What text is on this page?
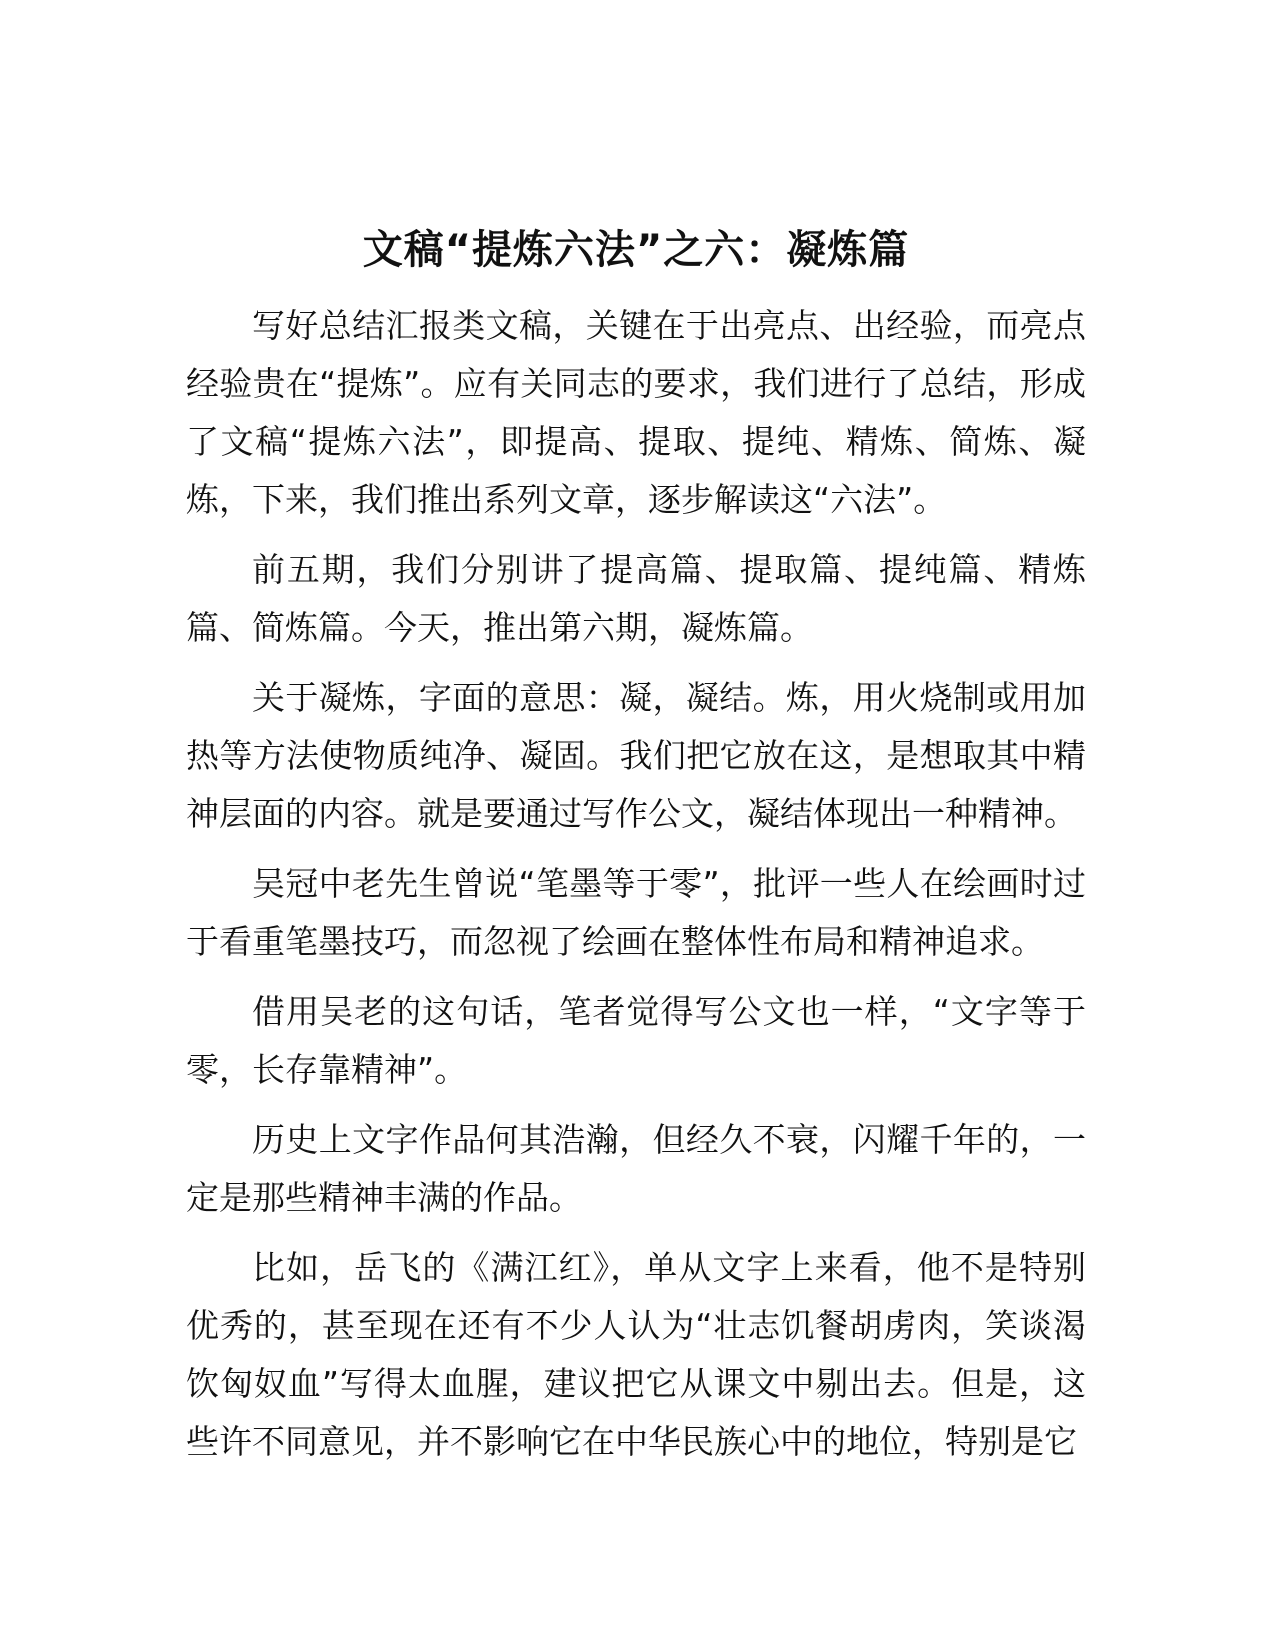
文稿“提炼六法”之六：凝炼篇

写好总结汇报类文稿，关键在于出亮点、出经验，而亮点经验贵在“提炼”。应有关同志的要求，我们进行了总结，形成了文稿“提炼六法”，即提高、提取、提纯、精炼、简炼、凝炼，下来，我们推出系列文章，逐步解读这“六法”。

前五期，我们分别讲了提高篇、提取篇、提纯篇、精炼篇、简炼篇。今天，推出第六期，凝炼篇。

关于凝炼，字面的意思：凝，凝结。炼，用火烧制或用加热等方法使物质纯净、凝固。我们把它放在这，是想取其中精神层面的内容。就是要通过写作公文，凝结体现出一种精神。

吴冠中老先生曾说“笔墨等于零”，批评一些人在绘画时过于看重笔墨技巧，而忽视了绘画在整体性布局和精神追求。

借用吴老的这句话，笔者觉得写公文也一样，“文字等于零，长存靠精神”。

历史上文字作品何其浩瀚，但经久不衰，闪耀千年的，一定是那些精神丰满的作品。

比如，岳飞的《满江红》，单从文字上来看，他不是特别优秀的，甚至现在还有不少人认为“壮志饥餐胡虏肉，笑谈渴饮匈奴血”写得太血腥，建议把它从课文中剔出去。但是，这些许不同意见，并不影响它在中华民族心中的地位，特别是它
